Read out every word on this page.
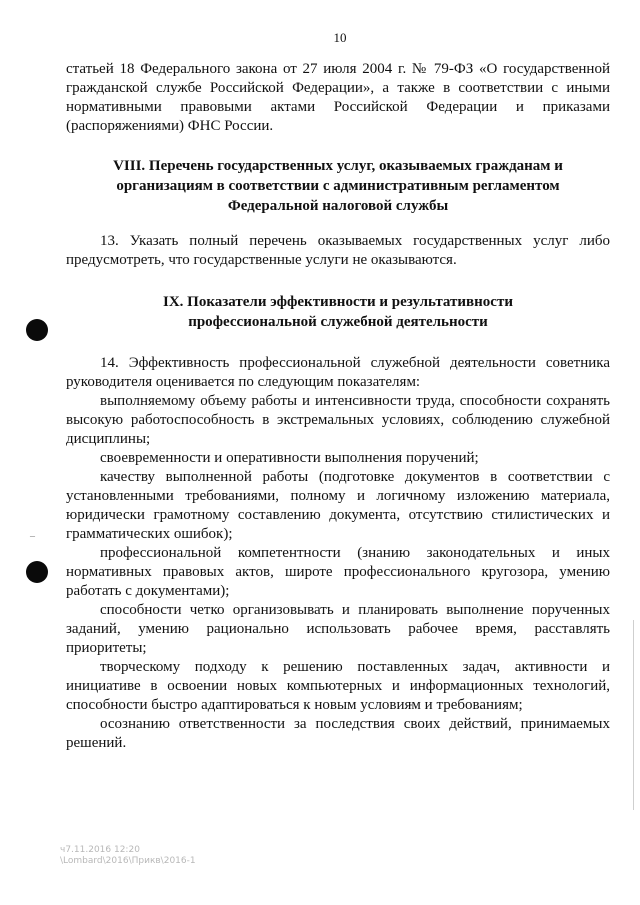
10
–

статьей 18 Федерального закона от 27 июля 2004 г. № 79-ФЗ «О государственной гражданской службе Российской Федерации», а также в соответствии с иными нормативными правовыми актами Российской Федерации и приказами (распоряжениями) ФНС России.

VIII. Перечень государственных услуг, оказываемых гражданам и
организациям в соответствии с административным регламентом
Федеральной налоговой службы

13. Указать полный перечень оказываемых государственных услуг либо предусмотреть, что государственные услуги не оказываются.

IX. Показатели эффективности и результативности
профессиональной служебной деятельности

14. Эффективность профессиональной служебной деятельности советника руководителя оценивается по следующим показателям:

выполняемому объему работы и интенсивности труда, способности сохранять высокую работоспособность в экстремальных условиях, соблюдению служебной дисциплины;

своевременности и оперативности выполнения поручений;

качеству выполненной работы (подготовке документов в соответствии с установленными требованиями, полному и логичному изложению материала, юридически грамотному составлению документа, отсутствию стилистических и грамматических ошибок);

профессиональной компетентности (знанию законодательных и иных нормативных правовых актов, широте профессионального кругозора, умению работать с документами);

способности четко организовывать и планировать выполнение порученных заданий, умению рационально использовать рабочее время, расставлять приоритеты;

творческому подходу к решению поставленных задач, активности и инициативе в освоении новых компьютерных и информационных технологий, способности быстро адаптироваться к новым условиям и требованиям;

осознанию ответственности за последствия своих действий, принимаемых решений.

ч7.11.2016 12:20
\Lombard\2016\Прикв\2016-1
